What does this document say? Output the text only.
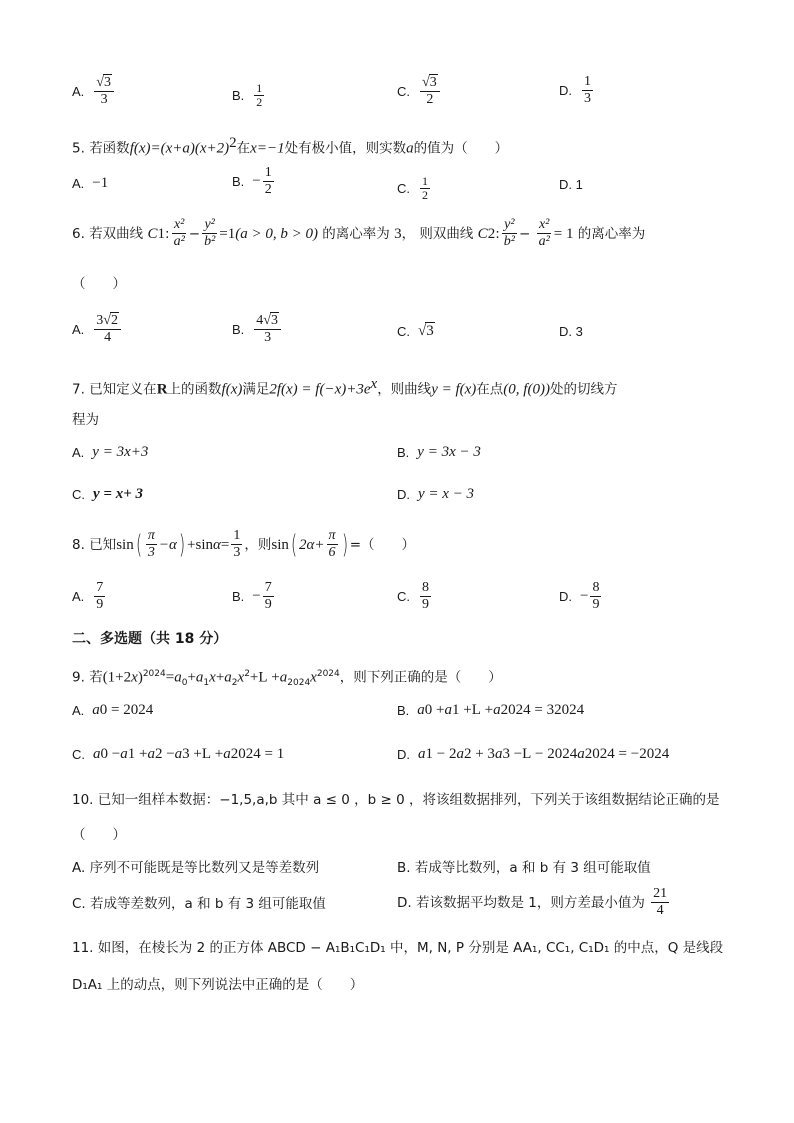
A. $\frac{√3}{3}$	B. $\frac{1}{2}$	C. $\frac{√3}{2}$	D. $\frac{1}{3}$
5. 若函数$f(x)=(x+a)(x+2)^2$在x=−1处有极小值，则实数a的值为（　　）
A. −1	B. − $\frac{1}{2}$	C. $\frac{1}{2}$	D. 1
6.
若双曲线
C 1 : $\frac{\text{x²}}{\text{a²}} - \frac{\text{y²}}{\text{b²}} =1$ (a > 0, b > 0)
的离心率为
3 ， 则双曲线
C 2 : $\frac{\text{y²}}{\text{b²}} - \frac{\text{x²}}{\text{a²}} = 1$
的离心率为
（　　）
A. $\frac{3√2}{4}$	B. $\frac{4√3}{3}$	C. √3	D. 3
7. 已知定义在R上的函数f(x)满足$2f(x) = f(-x)+3e^x$，则曲线y = f(x)在点(0, f(0))处的切线方
程为
A. y = 3x+3	B. y = 3x − 3
C. y = x+ 3	D. y = x − 3
8.
已知 sin ( $\frac{\pi}{3} -\alpha$ ) + $\sin \alpha = \frac{1}{3}$ ，则 sin ( $2\alpha+ \frac{\pi}{6}$ ) =（　　）
A. $\frac{7}{9}$	B. − $\frac{7}{9}$	C. $\frac{8}{9}$	D. − $\frac{8}{9}$
二、多选题（共 18 分）
9. 若$(1+2x)^{2024}=a_0+a_1x+a_2x^2+L +a_{2024}x^{2024}$，则下列正确的是（　　）
A. a 0 = 2024	B. a 0 + a 1 +L + a 2024 = 3 2024
C. a 0 − a 1 + a 2 − a 3 +L + a 2024 = 1	D. a 1 − 2 a 2 + 3 a 3 −L − 2024 a 2024 = −2024
10. 已知一组样本数据：−1,5,a,b 其中 a ≤ 0 ，b ≥ 0 ，将该组数据排列，下列关于该组数据结论正确的是
（　　）
A. 序列不可能既是等比数列又是等差数列	B. 若成等比数列，a 和 b 有 3 组可能取值
C. 若成等差数列，a 和 b 有 3 组可能取值	D. 若该数据平均数是 1，则方差最小值为
$\frac{21}{4}$
11. 如图，在棱长为 2 的正方体 ABCD − A₁B₁C₁D₁ 中，M, N, P 分别是 AA₁, CC₁, C₁D₁ 的中点，Q 是线段
D₁A₁ 上的动点，则下列说法中正确的是（　　）
